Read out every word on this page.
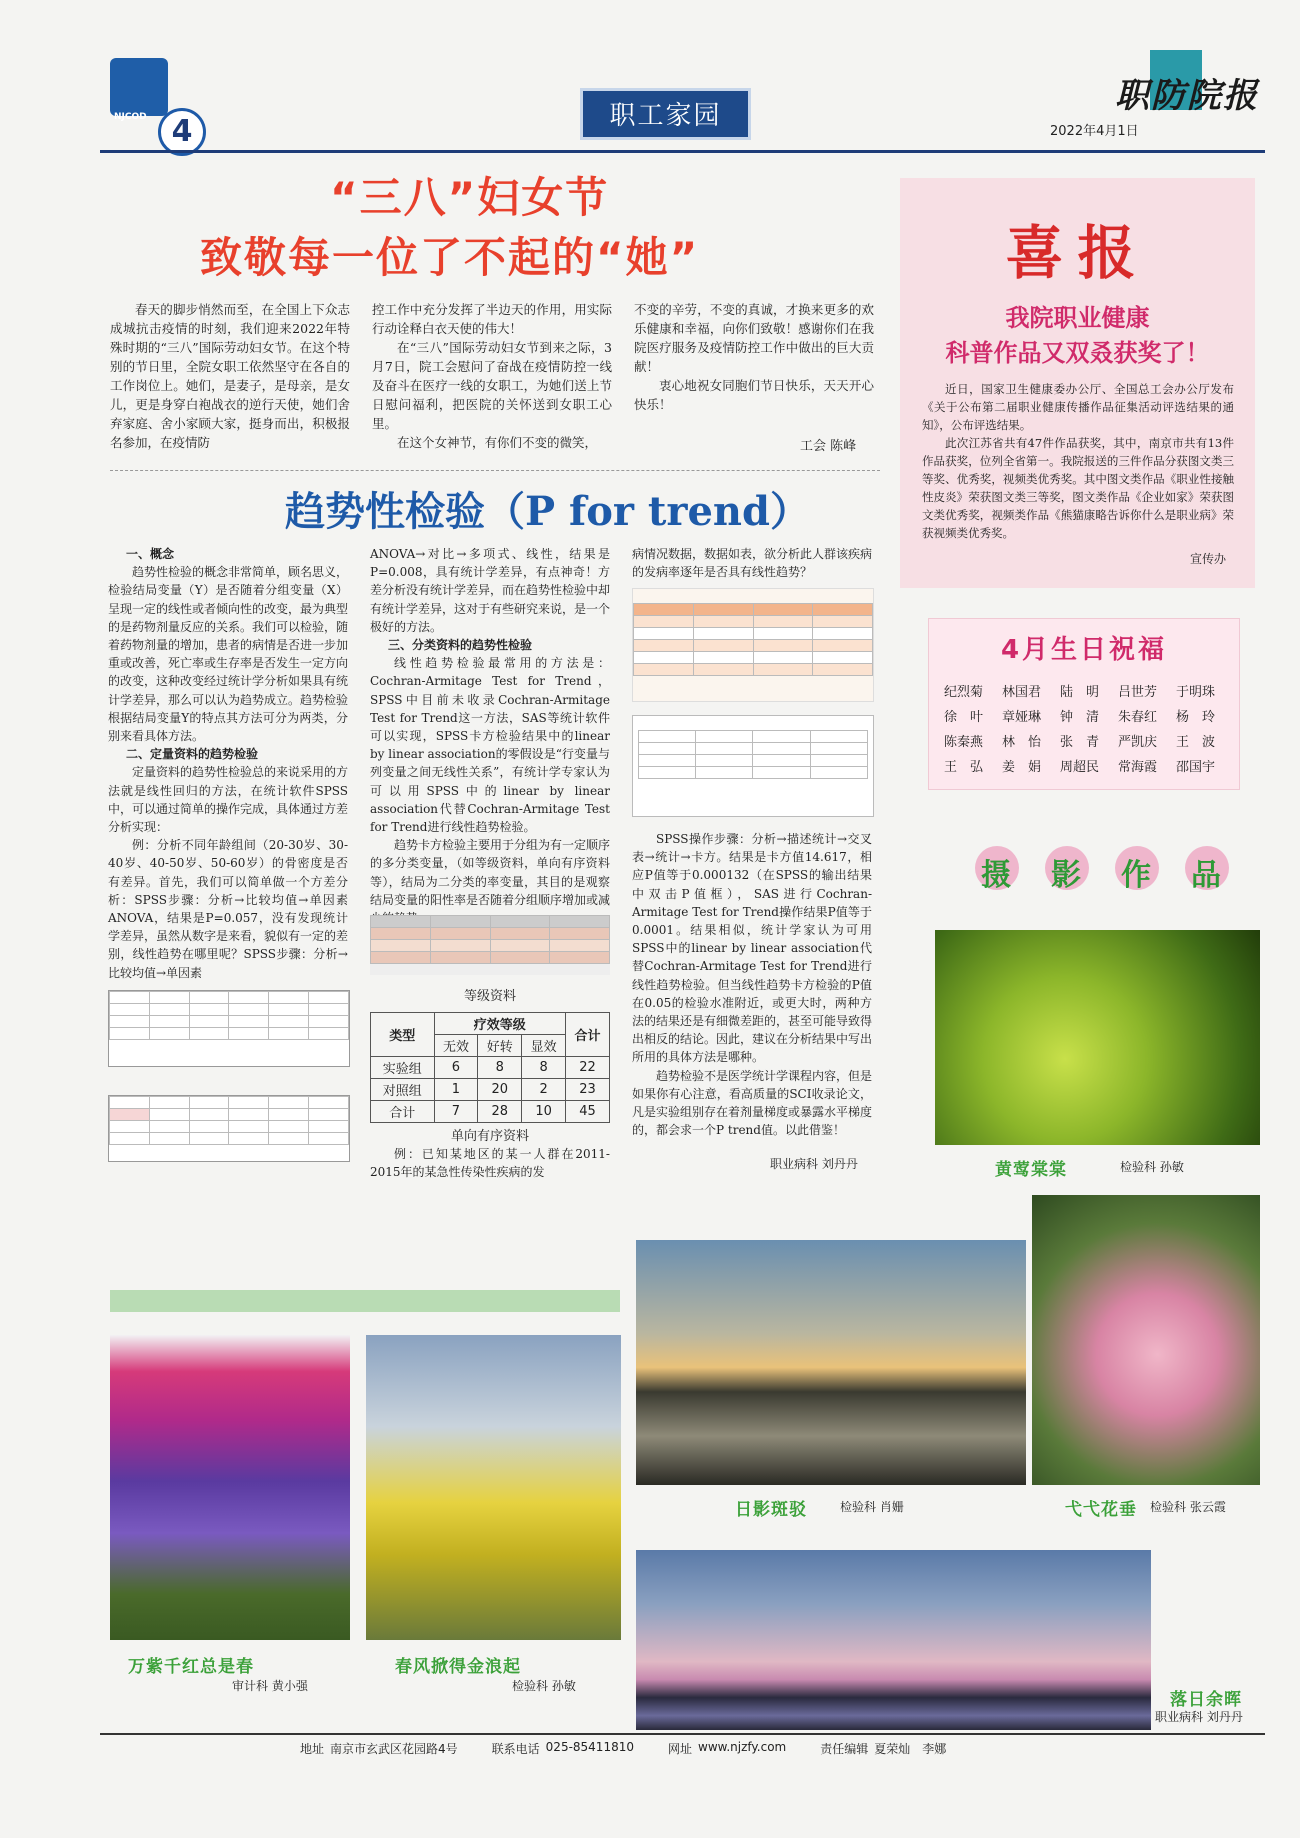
NJCOD 4	职工家园	职防院报
2022年4月1日
“三八”妇女节
致敬每一位了不起的“她”

春天的脚步悄然而至，在全国上下众志成城抗击疫情的时刻，我们迎来2022年特殊时期的“三八”国际劳动妇女节。在这个特别的节日里，全院女职工依然坚守在各自的工作岗位上。她们，是妻子，是母亲，是女儿，更是身穿白袍战衣的逆行天使，她们舍弃家庭、舍小家顾大家，挺身而出，积极报名参加，在疫情防

控工作中充分发挥了半边天的作用，用实际行动诠释白衣天使的伟大！

在“三八”国际劳动妇女节到来之际，3月7日，院工会慰问了奋战在疫情防控一线及奋斗在医疗一线的女职工，为她们送上节日慰问福利，把医院的关怀送到女职工心里。

在这个女神节，有你们不变的微笑，

不变的辛劳，不变的真诚，才换来更多的欢乐健康和幸福，向你们致敬！感谢你们在我院医疗服务及疫情防控工作中做出的巨大贡献！

衷心地祝女同胞们节日快乐，天天开心快乐！

工会 陈峰
喜报
我院职业健康
科普作品又双叒获奖了！

近日，国家卫生健康委办公厅、全国总工会办公厅发布《关于公布第二届职业健康传播作品征集活动评选结果的通知》，公布评选结果。

此次江苏省共有47件作品获奖，其中，南京市共有13件作品获奖，位列全省第一。我院报送的三件作品分获图文类三等奖、优秀奖，视频类优秀奖。其中图文类作品《职业性接触性皮炎》荣获图文类三等奖，图文类作品《企业如家》荣获图文类优秀奖，视频类作品《熊猫康略告诉你什么是职业病》荣获视频类优秀奖。

宣传办
4月生日祝福
纪烈菊	林国君	陆　明	吕世芳	于明珠
徐　叶	章娅琳	钟　清	朱春红	杨　玲
陈秦燕	林　怡	张　青	严凯庆	王　波
王　弘	姜　娟	周超民	常海霞	邵国宇
摄 影 作 品
趋势性检验（P for trend）

一、概念

趋势性检验的概念非常简单，顾名思义，检验结局变量（Y）是否随着分组变量（X）呈现一定的线性或者倾向性的改变，最为典型的是药物剂量反应的关系。我们可以检验，随着药物剂量的增加，患者的病情是否进一步加重或改善，死亡率或生存率是否发生一定方向的改变，这种改变经过统计学分析如果具有统计学差异，那么可以认为趋势成立。趋势检验根据结局变量Y的特点其方法可分为两类，分别来看具体方法。

二、定量资料的趋势检验

定量资料的趋势性检验总的来说采用的方法就是线性回归的方法，在统计软件SPSS中，可以通过简单的操作完成，具体通过方差分析实现：

例：分析不同年龄组间（20-30岁、30-40岁、40-50岁、50-60岁）的骨密度是否有差异。首先，我们可以简单做一个方差分析：SPSS步骤：分析→比较均值→单因素ANOVA，结果是P=0.057，没有发现统计学差异，虽然从数字是来看，貌似有一定的差别，线性趋势在哪里呢？SPSS步骤：分析→比较均值→单因素

ANOVA→对比→多项式、线性，结果是P=0.008，具有统计学差异，有点神奇！方差分析没有统计学差异，而在趋势性检验中却有统计学差异，这对于有些研究来说，是一个极好的方法。

三、分类资料的趋势性检验

线性趋势检验最常用的方法是：Cochran-Armitage Test for Trend，SPSS中目前未收录Cochran-Armitage Test for Trend这一方法，SAS等统计软件可以实现，SPSS卡方检验结果中的linear by linear association的零假设是“行变量与列变量之间无线性关系”，有统计学专家认为可以用SPSS中的linear by linear association代替Cochran-Armitage Test for Trend进行线性趋势检验。

趋势卡方检验主要用于分组为有一定顺序的多分类变量，（如等级资料，单向有序资料等），结局为二分类的率变量，其目的是观察结局变量的阳性率是否随着分组顺序增加或减

等级资料
类型	疗效等级			合计
	无效	好转	显效	
实验组	6	8	8	22
对照组	1	20	2	23
合计	7	28	10	45
单向有序资料

例：已知某地区的某一人群在2011-2015年的某急性传染性疾病的发

病情况数据，数据如表，欲分析此人群该疾病的发病率逐年是否具有线性趋势？

SPSS操作步骤：分析→描述统计→交叉表→统计→卡方。结果是卡方值14.617，相应P值等于0.000132（在SPSS的输出结果中双击P值框），SAS进行Cochran-Armitage Test for Trend操作结果P值等于0.0001。结果相似，统计学家认为可用SPSS中的linear by linear association代替Cochran-Armitage Test for Trend进行线性趋势检验。但当线性趋势卡方检验的P值在0.05的检验水准附近，或更大时，两种方法的结果还是有细微差距的，甚至可能导致得出相反的结论。因此，建议在分析结果中写出所用的具体方法是哪种。

趋势检验不是医学统计学课程内容，但是如果你有心注意，看高质量的SCI收录论文，凡是实验组别存在着剂量梯度或暴露水平梯度的，都会求一个P trend值。以此借鉴！

职业病科 刘丹丹	黄莺棠棠	检验科 孙敏
日影斑驳	检验科 肖姗	弋弋花垂 检验科 张云霞
万紫千红总是春
审计科 黄小强
春风掀得金浪起
检验科 孙敏
落日余晖
职业病科 刘丹丹
地址 南京市玄武区花园路4号	联系电话 025-85411810	网址 www.njzfy.com	责任编辑 夏荣灿　李娜
